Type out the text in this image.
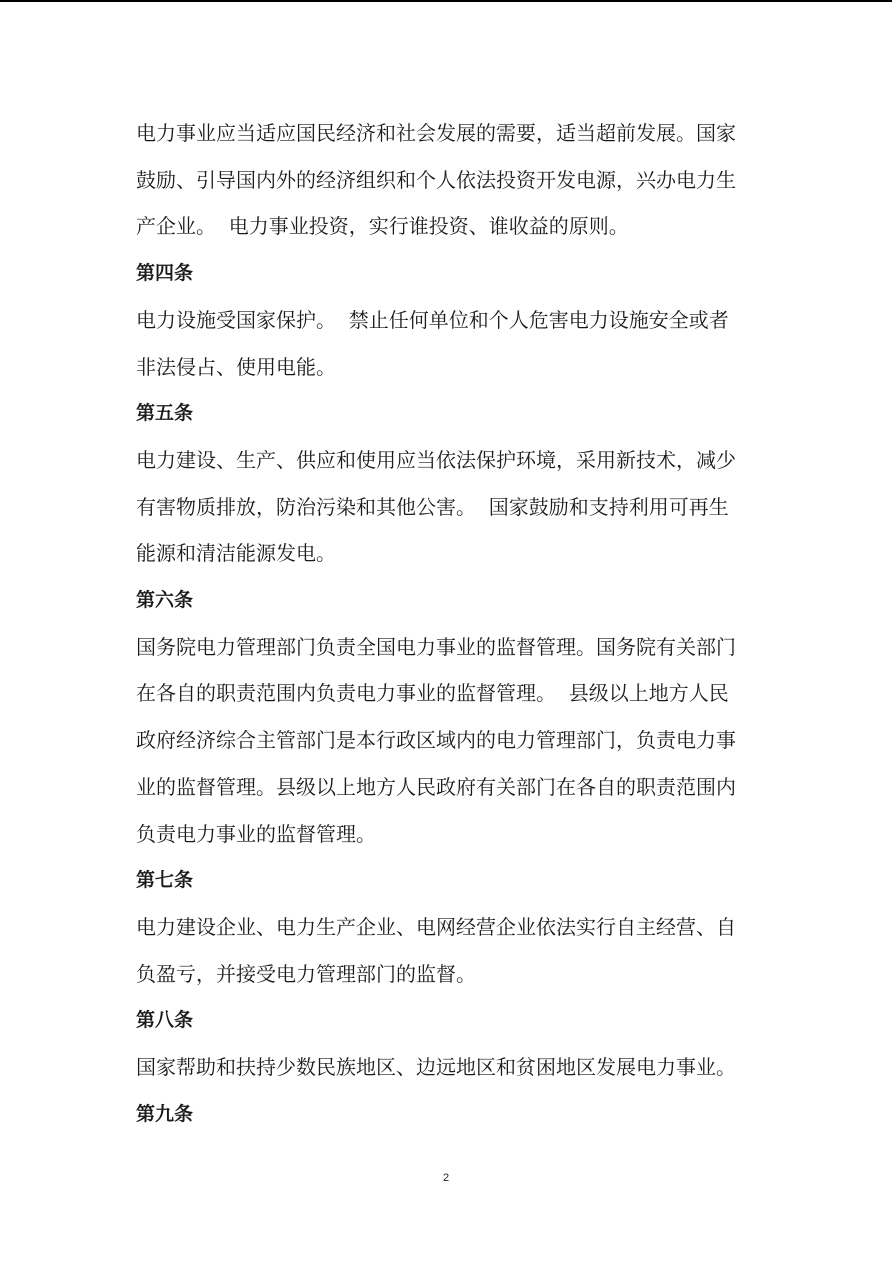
电力事业应当适应国民经济和社会发展的需要，适当超前发展。国家

鼓励、引导国内外的经济组织和个人依法投资开发电源，兴办电力生

产企业。  电力事业投资，实行谁投资、谁收益的原则。

第四条

电力设施受国家保护。  禁止任何单位和个人危害电力设施安全或者

非法侵占、使用电能。

第五条

电力建设、生产、供应和使用应当依法保护环境，采用新技术，减少

有害物质排放，防治污染和其他公害。  国家鼓励和支持利用可再生

能源和清洁能源发电。

第六条

国务院电力管理部门负责全国电力事业的监督管理。国务院有关部门

在各自的职责范围内负责电力事业的监督管理。  县级以上地方人民

政府经济综合主管部门是本行政区域内的电力管理部门，负责电力事

业的监督管理。县级以上地方人民政府有关部门在各自的职责范围内

负责电力事业的监督管理。

第七条

电力建设企业、电力生产企业、电网经营企业依法实行自主经营、自

负盈亏，并接受电力管理部门的监督。

第八条

国家帮助和扶持少数民族地区、边远地区和贫困地区发展电力事业。

第九条

2
